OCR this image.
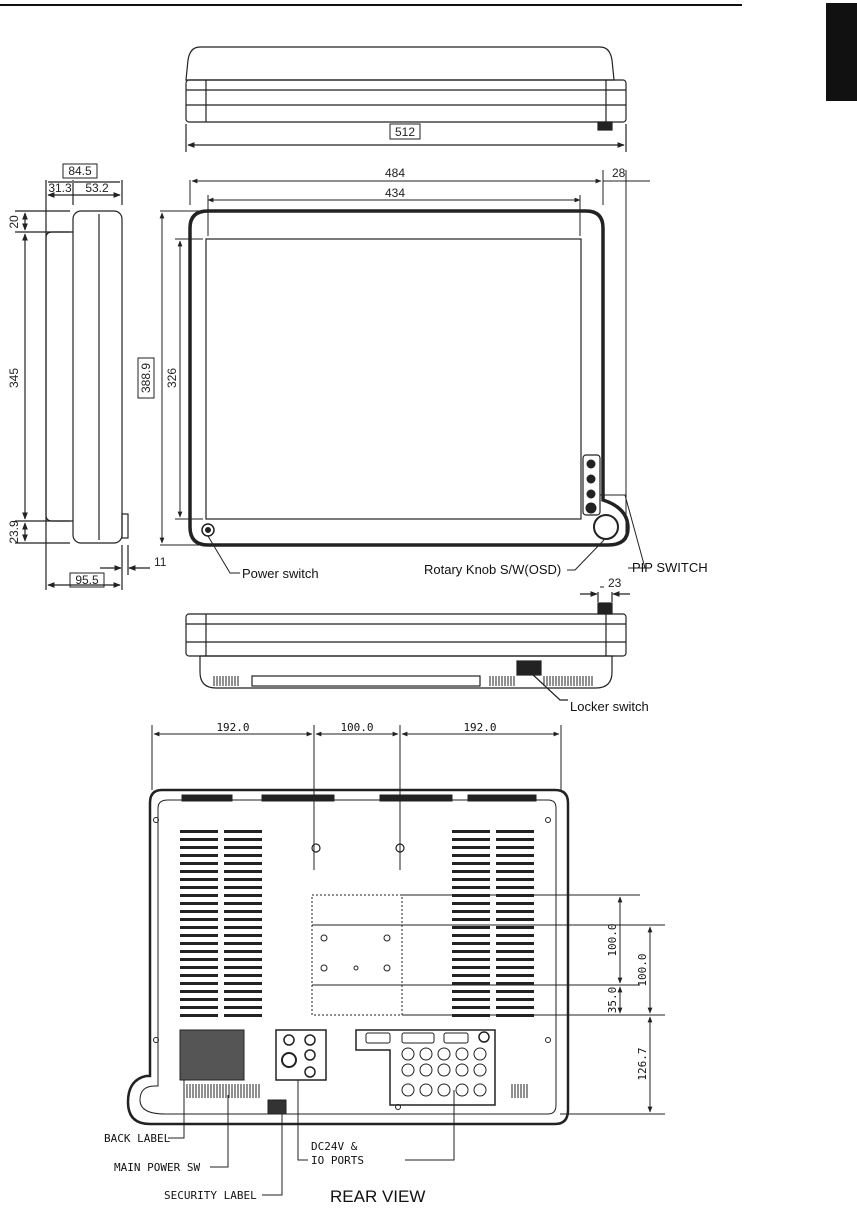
512
84.5
31.3 53.2
20
345
23.9
95.5
11
484
434
28
388.9 326
Power switch	Rotary Knob S/W(OSD)	PIP SWITCH
23
Locker switch
192.0	100.0	192.0
100.0
100.0
35.0
126.7
BACK LABEL
MAIN POWER SW
SECURITY LABEL
DC24V &
IO PORTS
REAR VIEW
